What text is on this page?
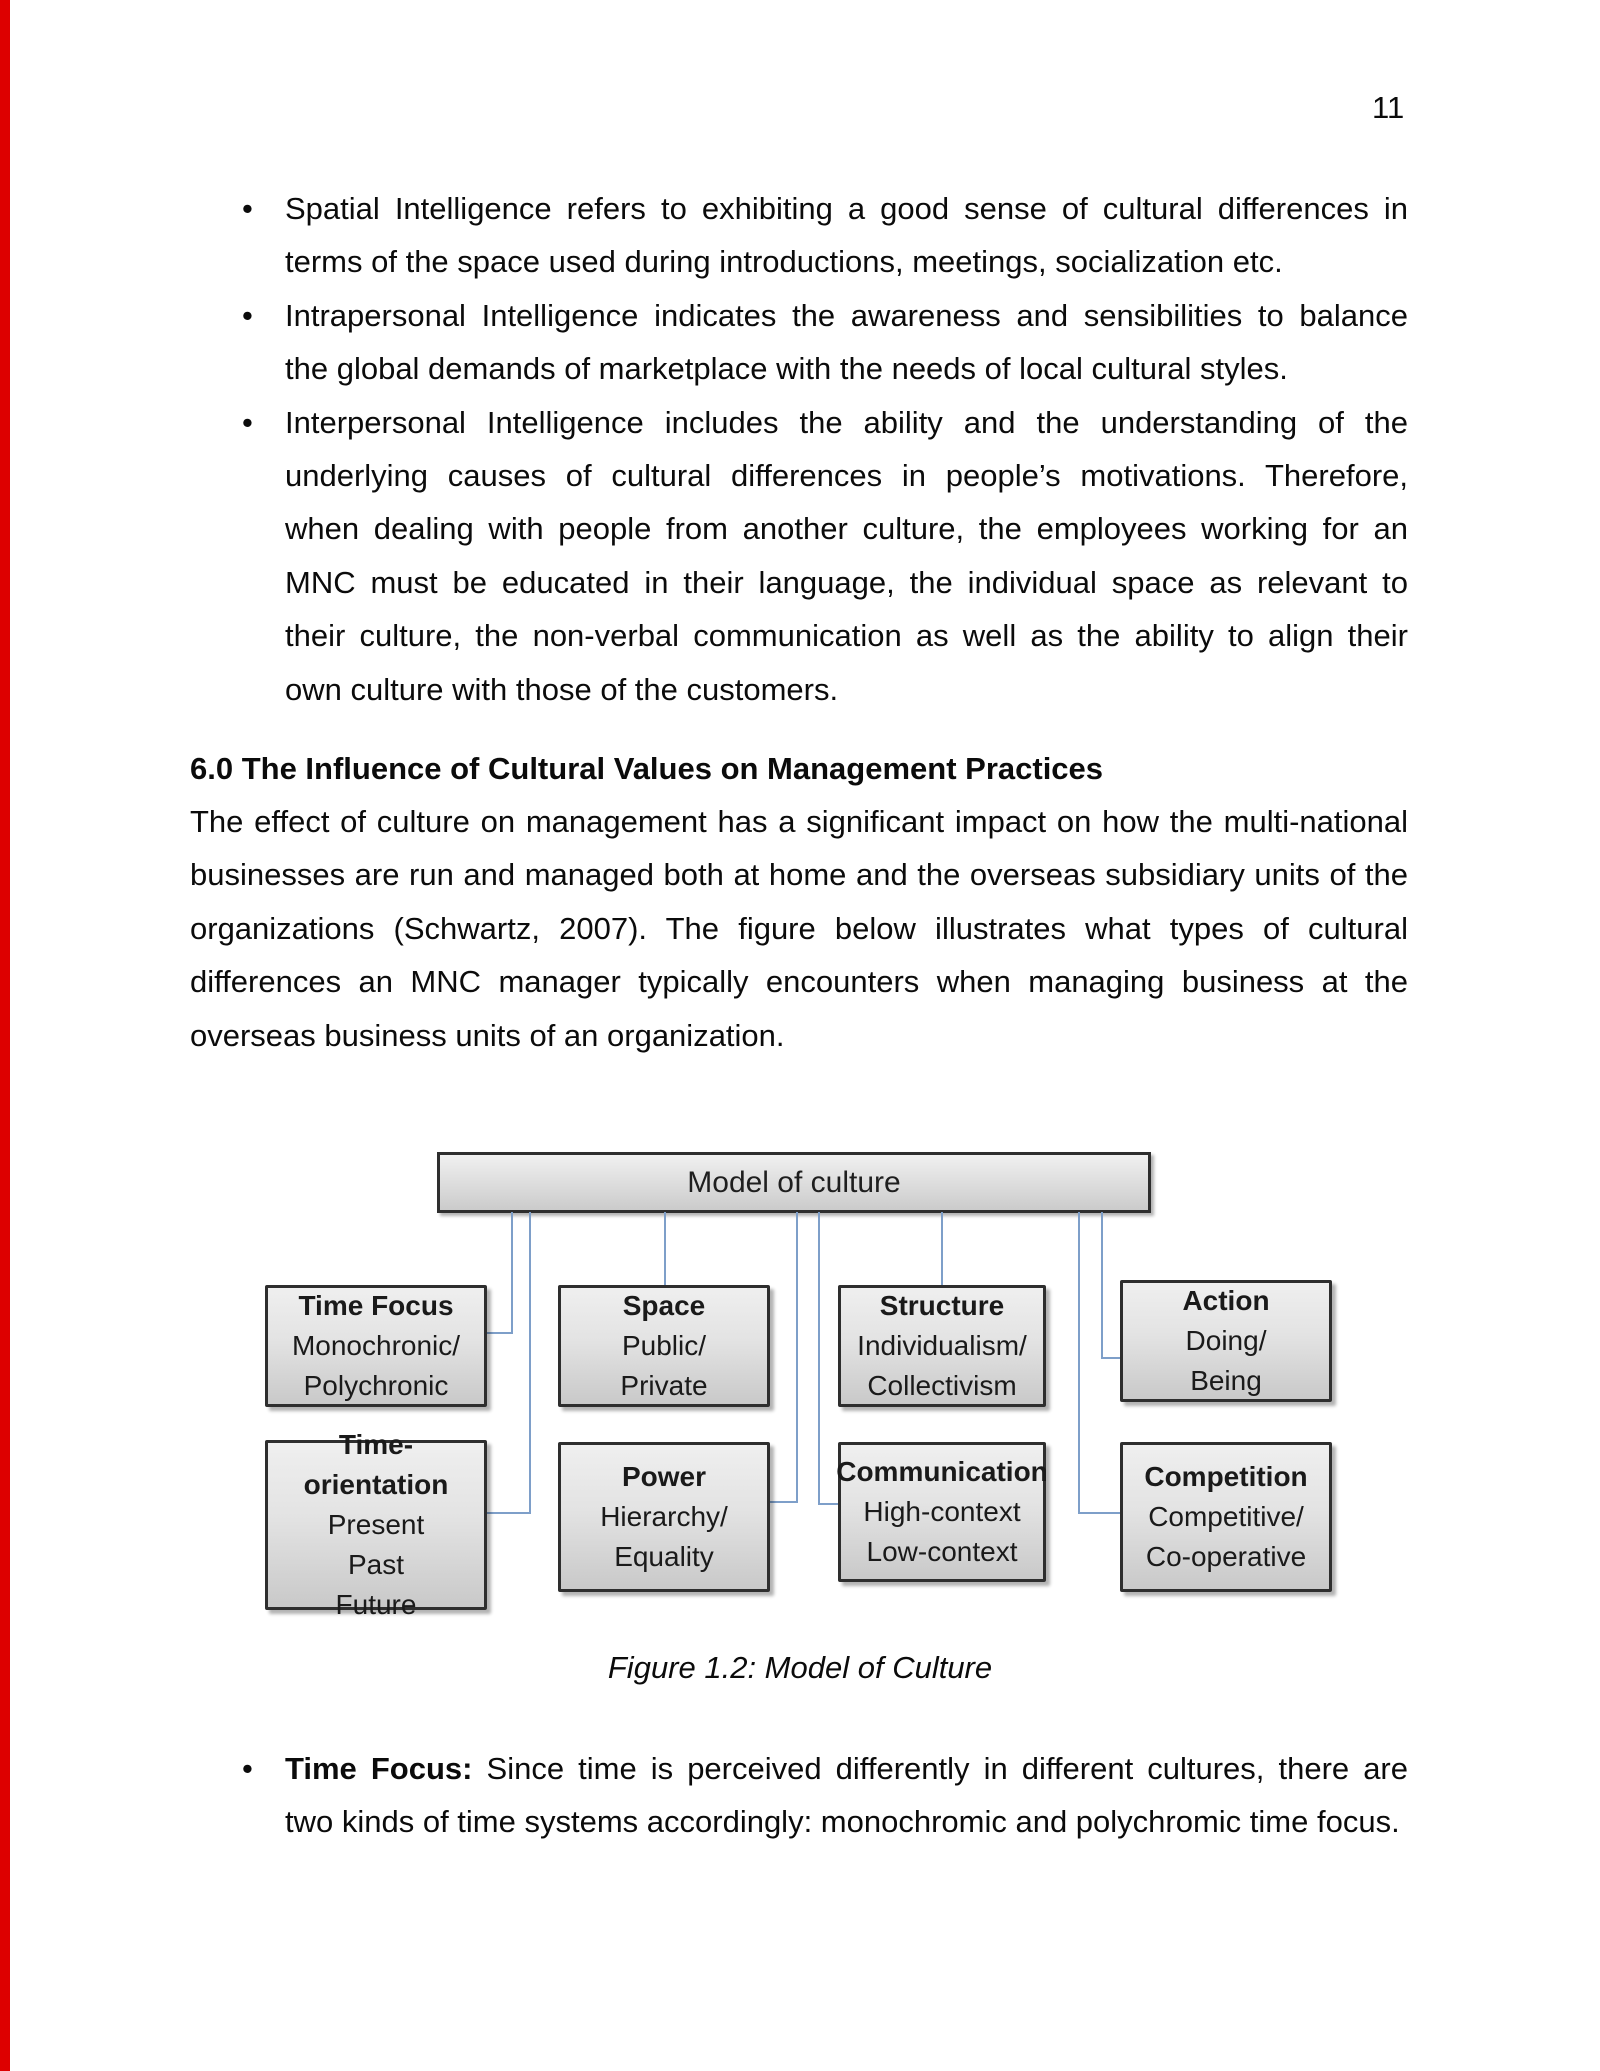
11
•
•
•
•
Spatial Intelligence refers to exhibiting a good sense of cultural differences in
terms of the space used during introductions, meetings, socialization etc.
Intrapersonal Intelligence indicates the awareness and sensibilities to balance
the global demands of marketplace with the needs of local cultural styles.
Interpersonal Intelligence includes the ability and the understanding of the
underlying causes of cultural differences in people’s motivations. Therefore,
when dealing with people from another culture, the employees working for an
MNC must be educated in their language, the individual space as relevant to
their culture, the non-verbal communication as well as the ability to align their
own culture with those of the customers.
6.0 The Influence of Cultural Values on Management Practices
The effect of culture on management has a significant impact on how the multi-national
businesses are run and managed both at home and the overseas subsidiary units of the
organizations (Schwartz, 2007). The figure below illustrates what types of cultural
differences an MNC manager typically encounters when managing business at the
overseas business units of an organization.
Model of culture
Time Focus
Monochronic/
Polychronic
Space
Public/
Private
Structure
Individualism/
Collectivism
Action
Doing/
Being
Time-orientation
Present
Past
Future
Power
Hierarchy/
Equality
Communication
High-context
Low-context
Competition
Competitive/
Co-operative
Figure 1.2: Model of Culture
Time Focus: Since time is perceived differently in different cultures, there are
two kinds of time systems accordingly: monochromic and polychromic time focus.
